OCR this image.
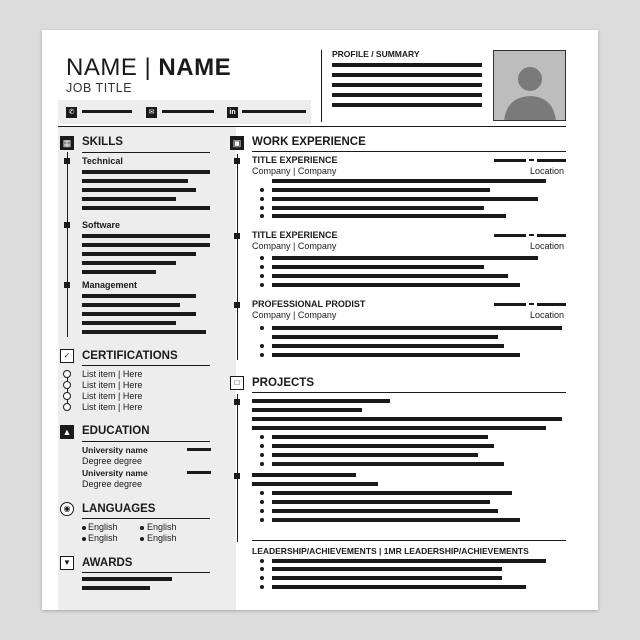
NAME | NAME
JOB TITLE
✆	✉	in
PROFILE / SUMMARY
▦ SKILLS
Technical
Software
Management
✓	CERTIFICATIONS
List item | Here
List item | Here
List item | Here
List item | Here
▲ EDUCATION
University name
Degree degree
University name
Degree degree
◉	LANGUAGES
English	English
English	English
▼ AWARDS
▣ WORK EXPERIENCE
TITLE EXPERIENCE
Company | Company	Location
TITLE EXPERIENCE
Company | Company	Location
PROFESSIONAL PRODIST
Company | Company	Location
□	PROJECTS
LEADERSHIP/ACHIEVEMENTS | 1MR LEADERSHIP/ACHIEVEMENTS
